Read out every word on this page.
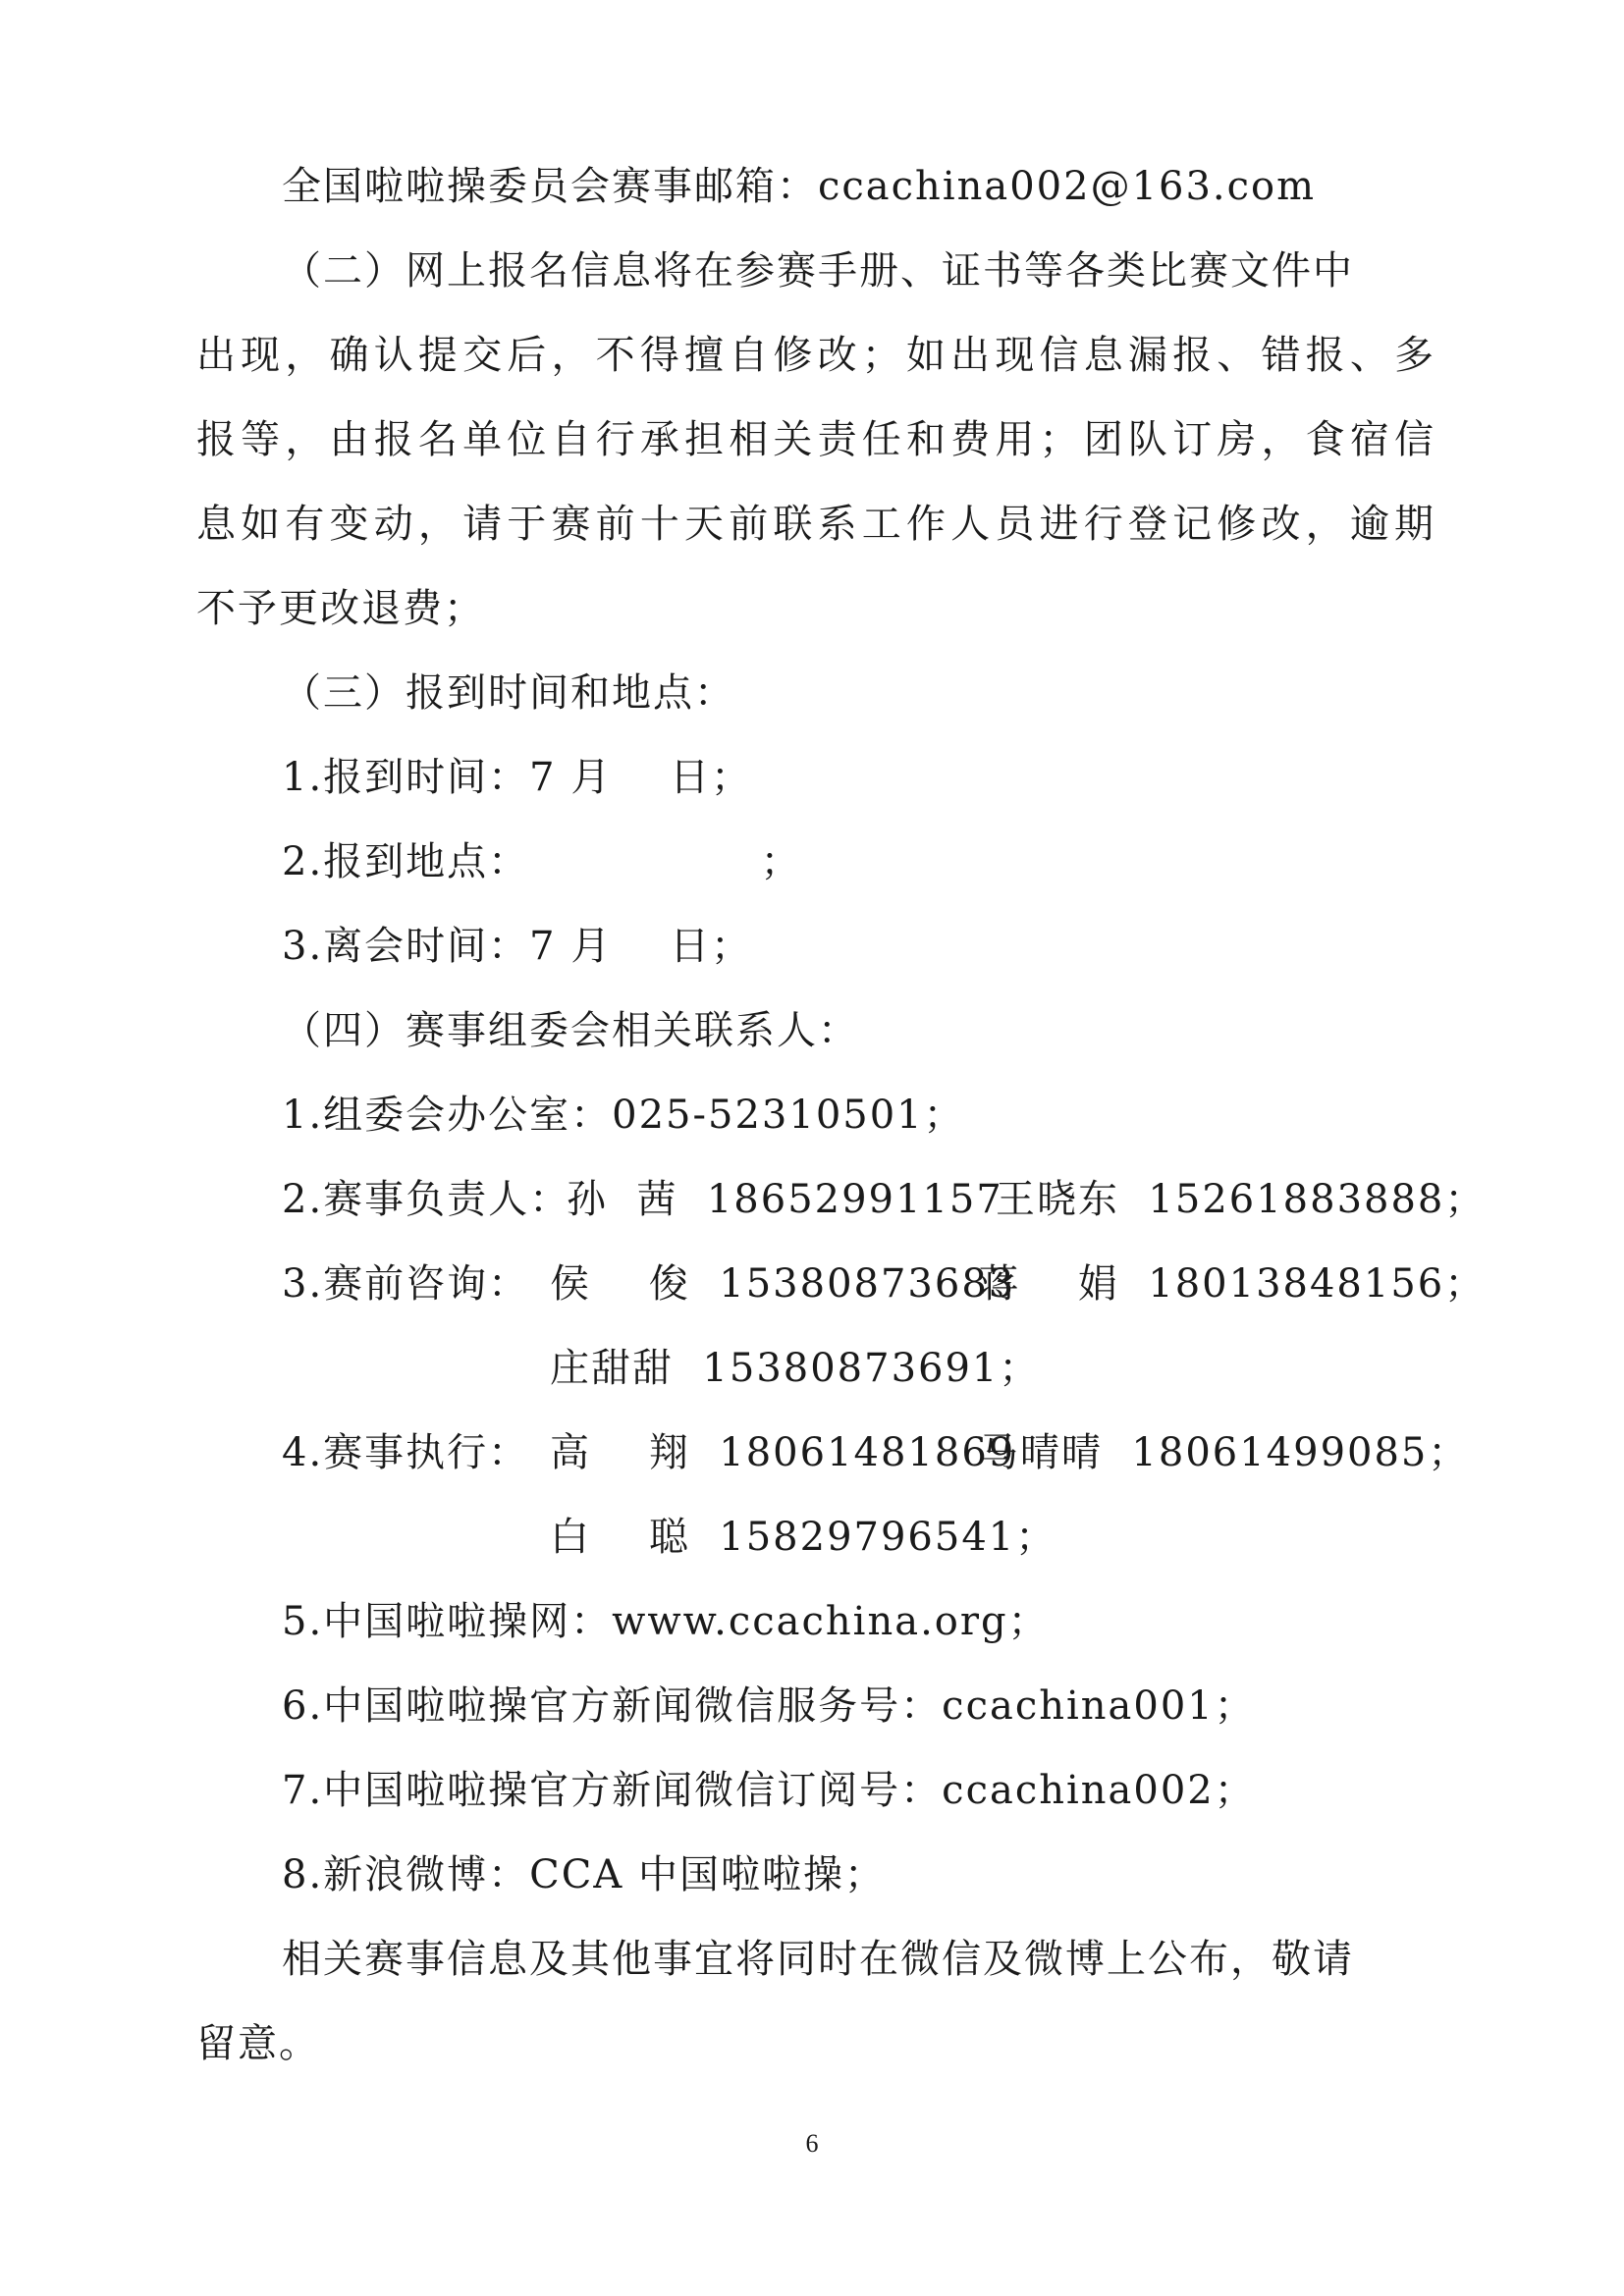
全国啦啦操委员会赛事邮箱：ccachina002@163.com
（二）网上报名信息将在参赛手册、证书等各类比赛文件中
出现，确认提交后，不得擅自修改；如出现信息漏报、错报、多
报等，由报名单位自行承担相关责任和费用；团队订房，食宿信
息如有变动，请于赛前十天前联系工作人员进行登记修改，逾期
不予更改退费；
（三）报到时间和地点：
1.报到时间：7 月    日；
2.报到地点：                ；
3.离会时间：7 月    日；
（四）赛事组委会相关联系人：
1.组委会办公室：025-52310501；

2.赛事负责人：

孙  茜  18652991157

王晓东  15261883888；

3.赛前咨询：

侯    俊  15380873683

蒋    娟  18013848156；

庄甜甜  15380873691；

4.赛事执行：

高    翔  18061481869

马晴晴  18061499085；

白    聪  15829796541；
5.中国啦啦操网：www.ccachina.org；
6.中国啦啦操官方新闻微信服务号：ccachina001；
7.中国啦啦操官方新闻微信订阅号：ccachina002；
8.新浪微博：CCA 中国啦啦操；
相关赛事信息及其他事宜将同时在微信及微博上公布，敬请
留意。
6
